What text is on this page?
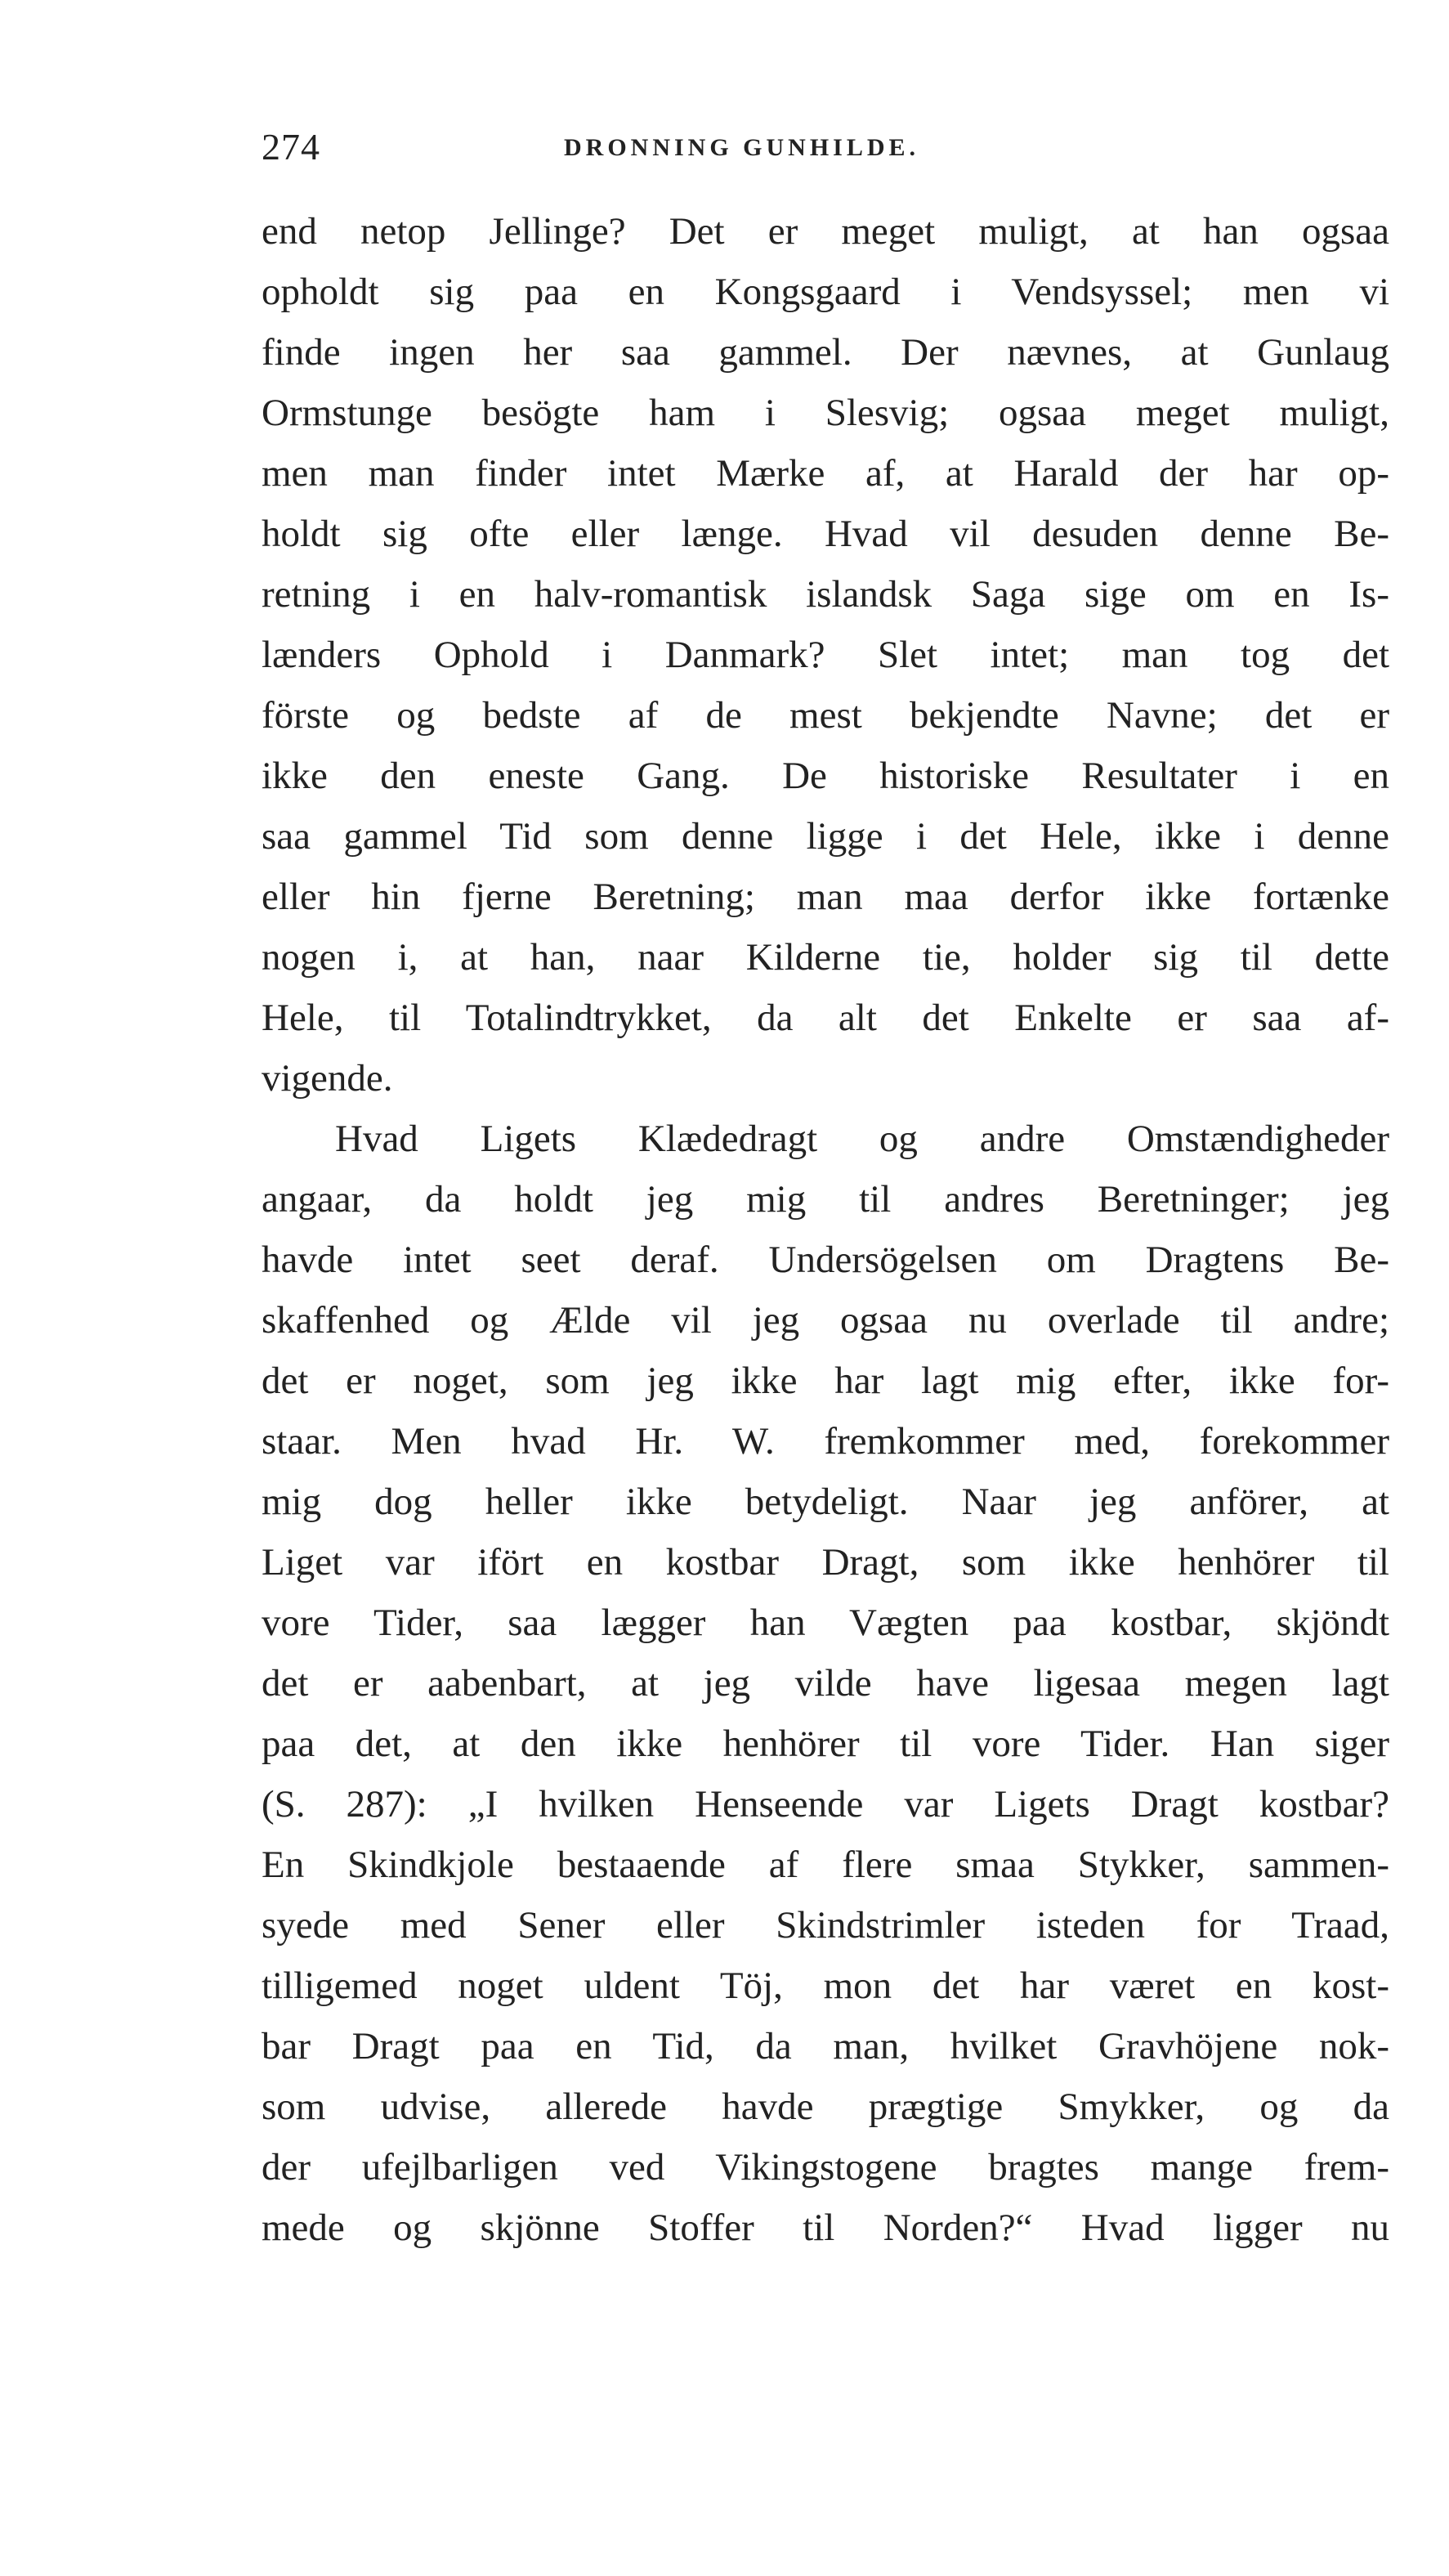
274	DRONNING GUNHILDE.
end netop Jellinge? Det er meget muligt, at han ogsaa
opholdt sig paa en Kongsgaard i Vendsyssel; men vi
finde ingen her saa gammel. Der nævnes, at Gunlaug
Ormstunge besögte ham i Slesvig; ogsaa meget muligt,
men man finder intet Mærke af, at Harald der har op-
holdt sig ofte eller længe. Hvad vil desuden denne Be-
retning i en halv-romantisk islandsk Saga sige om en Is-
lænders Ophold i Danmark? Slet intet; man tog det
förste og bedste af de mest bekjendte Navne; det er
ikke den eneste Gang. De historiske Resultater i en
saa gammel Tid som denne ligge i det Hele, ikke i denne
eller hin fjerne Beretning; man maa derfor ikke fortænke
nogen i, at han, naar Kilderne tie, holder sig til dette
Hele, til Totalindtrykket, da alt det Enkelte er saa af-
vigende.
Hvad Ligets Klædedragt og andre Omstændigheder
angaar, da holdt jeg mig til andres Beretninger; jeg
havde intet seet deraf. Undersögelsen om Dragtens Be-
skaffenhed og Ælde vil jeg ogsaa nu overlade til andre;
det er noget, som jeg ikke har lagt mig efter, ikke for-
staar. Men hvad Hr. W. fremkommer med, forekommer
mig dog heller ikke betydeligt. Naar jeg anförer, at
Liget var ifört en kostbar Dragt, som ikke henhörer til
vore Tider, saa lægger han Vægten paa kostbar, skjöndt
det er aabenbart, at jeg vilde have ligesaa megen lagt
paa det, at den ikke henhörer til vore Tider. Han siger
(S. 287): „I hvilken Henseende var Ligets Dragt kostbar?
En Skindkjole bestaaende af flere smaa Stykker, sammen-
syede med Sener eller Skindstrimler isteden for Traad,
tilligemed noget uldent Töj, mon det har været en kost-
bar Dragt paa en Tid, da man, hvilket Gravhöjene nok-
som udvise, allerede havde prægtige Smykker, og da
der ufejlbarligen ved Vikingstogene bragtes mange frem-
mede og skjönne Stoffer til Norden?“ Hvad ligger nu
